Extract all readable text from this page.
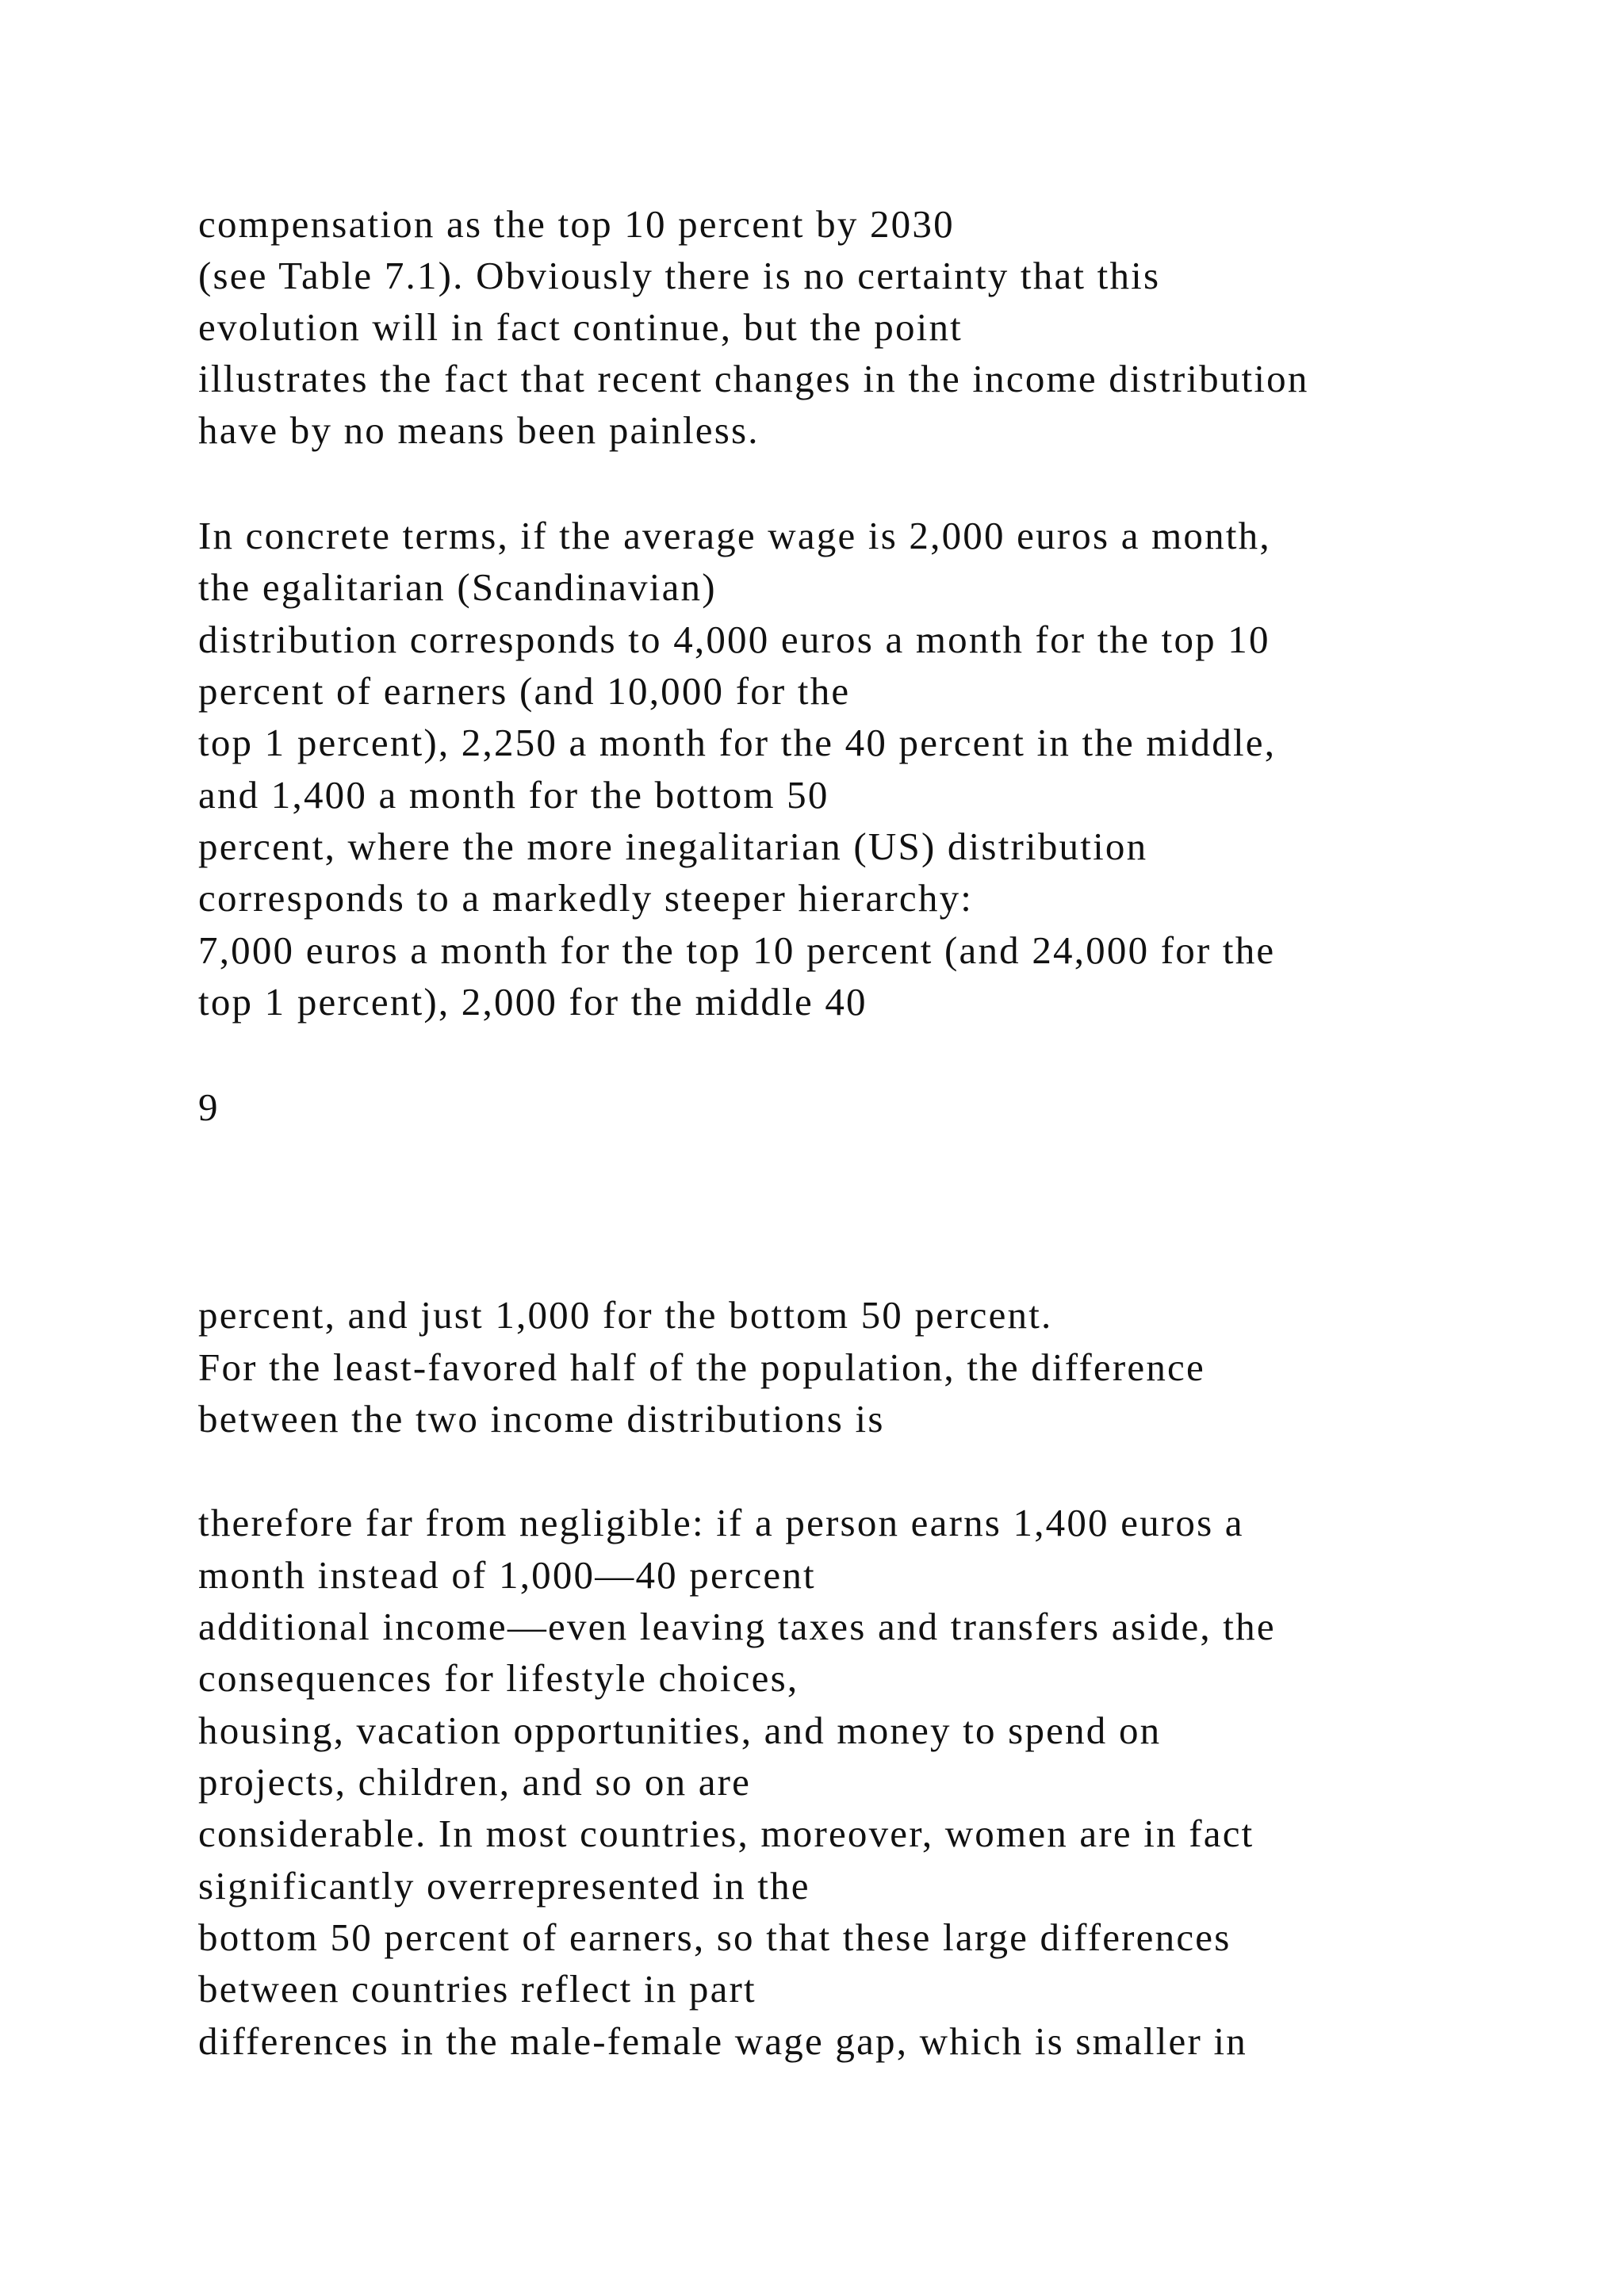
compensation as the top 10 percent by 2030

(see Table 7.1). Obviously there is no certainty that this

evolution will in fact continue, but the point

illustrates the fact that recent changes in the income distribution

have by no means been painless.

In concrete terms, if the average wage is 2,000 euros a month,

the egalitarian (Scandinavian)

distribution corresponds to 4,000 euros a month for the top 10

percent of earners (and 10,000 for the

top 1 percent), 2,250 a month for the 40 percent in the middle,

and 1,400 a month for the bottom 50

percent, where the more inegalitarian (US) distribution

corresponds to a markedly steeper hierarchy:

7,000 euros a month for the top 10 percent (and 24,000 for the

top 1 percent), 2,000 for the middle 40

9

percent, and just 1,000 for the bottom 50 percent.

For the least-favored half of the population, the difference

between the two income distributions is

therefore far from negligible: if a person earns 1,400 euros a

month instead of 1,000—40 percent

additional income—even leaving taxes and transfers aside, the

consequences for lifestyle choices,

housing, vacation opportunities, and money to spend on

projects, children, and so on are

considerable. In most countries, moreover, women are in fact

significantly overrepresented in the

bottom 50 percent of earners, so that these large differences

between countries reflect in part

differences in the male-female wage gap, which is smaller in
